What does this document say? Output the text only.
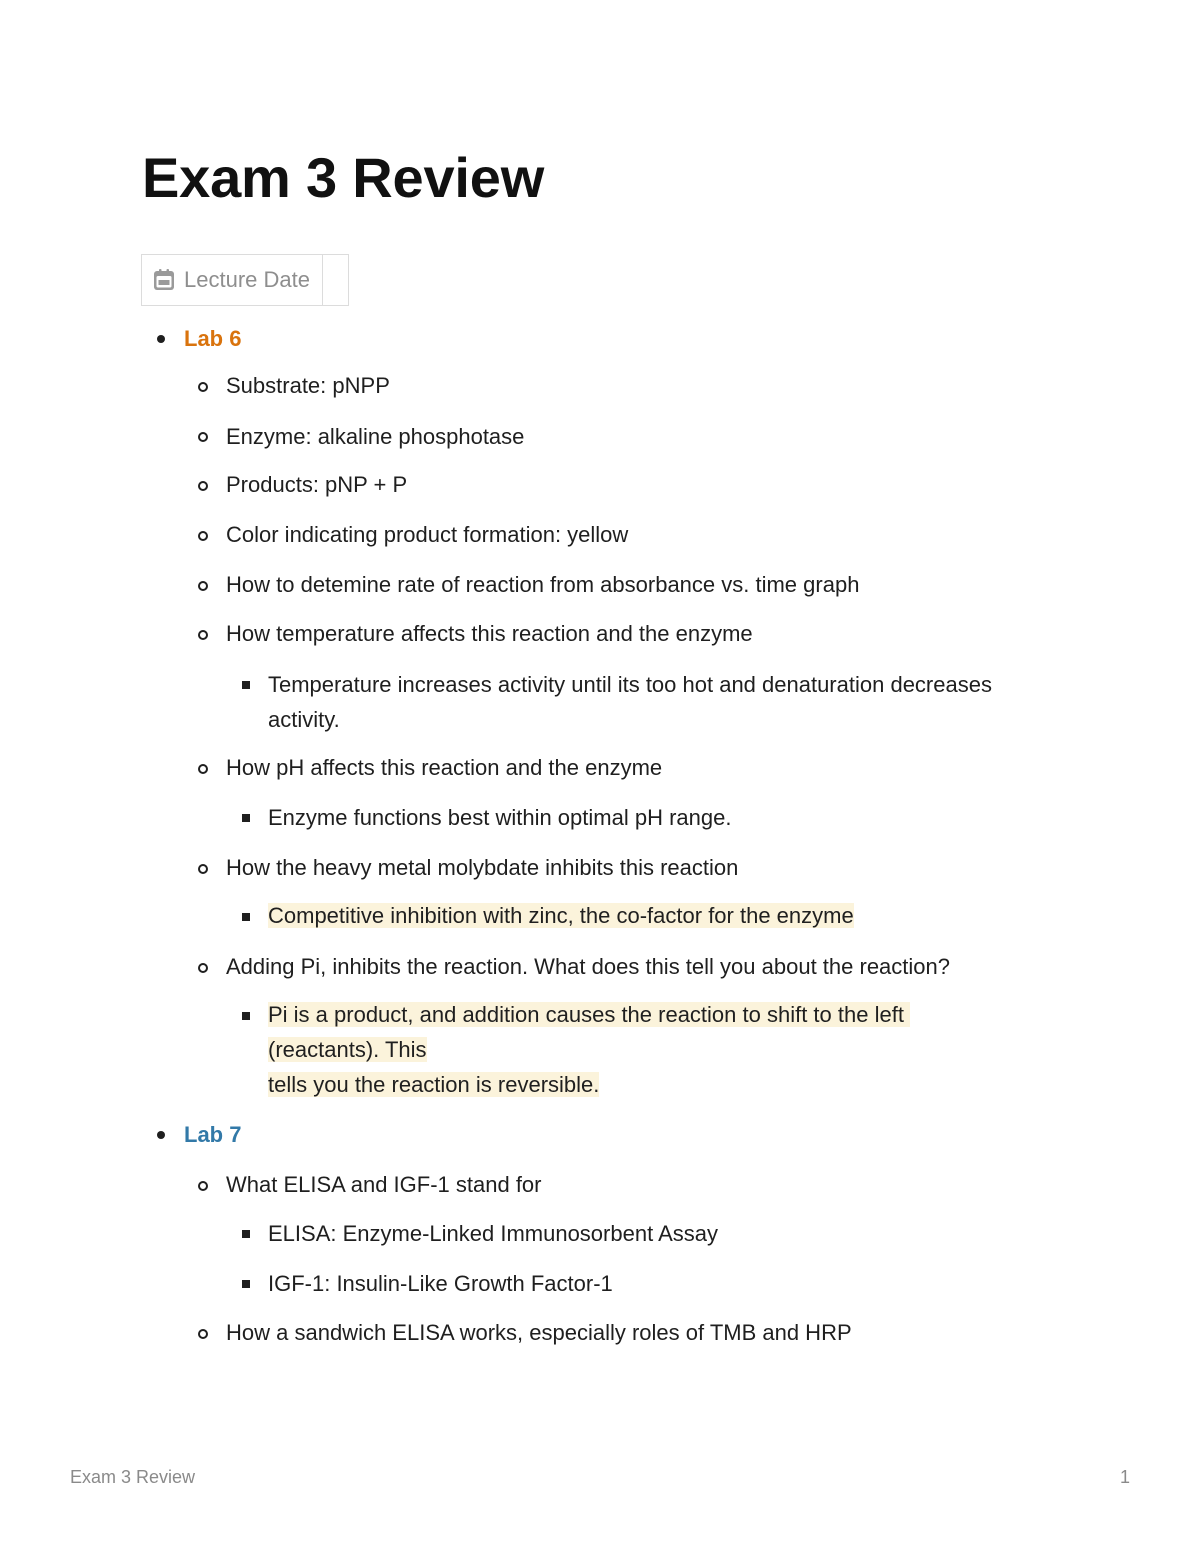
Exam 3 Review
Lecture Date
Lab 6
Substrate: pNPP
Enzyme: alkaline phosphotase
Products: pNP + P
Color indicating product formation: yellow
How to detemine rate of reaction from absorbance vs. time graph
How temperature affects this reaction and the enzyme
Temperature increases activity until its too hot and denaturation decreases
activity.
How pH affects this reaction and the enzyme
Enzyme functions best within optimal pH range.
How the heavy metal molybdate inhibits this reaction
Competitive inhibition with zinc, the co-factor for the enzyme
Adding Pi, inhibits the reaction. What does this tell you about the reaction?
Pi is a product, and addition causes the reaction to shift to the left
(reactants). This
tells you the reaction is reversible.
Lab 7
What ELISA and IGF-1 stand for
ELISA: Enzyme-Linked Immunosorbent Assay
IGF-1: Insulin-Like Growth Factor-1
How a sandwich ELISA works, especially roles of TMB and HRP
Exam 3 Review	1
